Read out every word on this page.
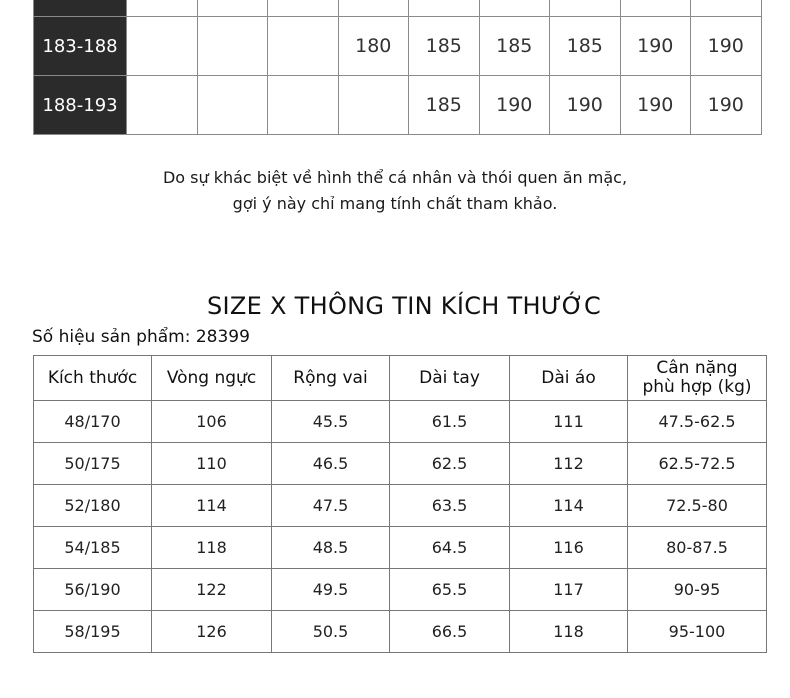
183-188				180	185	185	185	190	190
188-193					185	190	190	190	190
Do sự khác biệt về hình thể cá nhân và thói quen ăn mặc,
gợi ý này chỉ mang tính chất tham khảo.
SIZE X THÔNG TIN KÍCH THƯỚC
Số hiệu sản phẩm: 28399
Kích thước	Vòng ngực	Rộng vai	Dài tay	Dài áo	Cân nặng
phù hợp (kg)

48/170	106	45.5	61.5	111	47.5-62.5
50/175	110	46.5	62.5	112	62.5-72.5
52/180	114	47.5	63.5	114	72.5-80
54/185	118	48.5	64.5	116	80-87.5
56/190	122	49.5	65.5	117	90-95
58/195	126	50.5	66.5	118	95-100
